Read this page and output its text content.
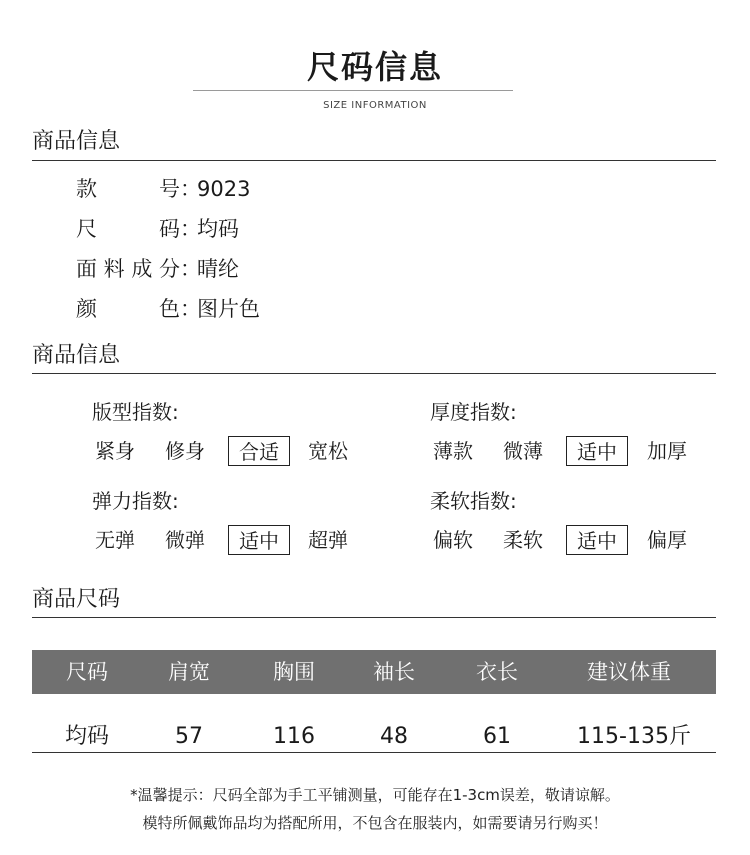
尺码信息
SIZE INFORMATION
商品信息
款	号 ：
9023
尺	码 ：
均码
面料成分 ：
晴纶
颜	色 ：
图片色
商品信息
版型指数:
紧身 修身	合适	宽松
厚度指数:
薄款 微薄	适中	加厚
弹力指数:
无弹 微弹	适中	超弹
柔软指数:
偏软 柔软	适中	偏厚
商品尺码
尺码	肩宽	胸围	袖长	衣长	建议体重
均码	57	116	48	61	115-135斤
*温馨提示：尺码全部为手工平铺测量，可能存在1-3cm误差，敬请谅解。
模特所佩戴饰品均为搭配所用，不包含在服装内，如需要请另行购买！
